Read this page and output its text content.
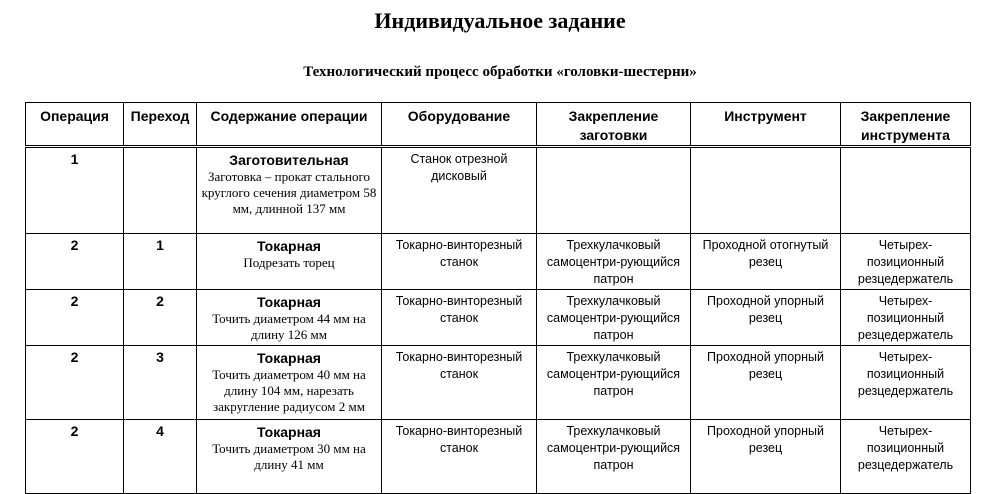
Индивидуальное задание
Технологический процесс обработки «головки-шестерни»
Операция	Переход	Содержание операции	Оборудование	Закрепление заготовки	Инструмент	Закрепление инструмента
1		Заготовительная
Заготовка – прокат стального круглого сечения диаметром 58 мм, длинной 137 мм	Станок отрезной дисковый			
2	1	Токарная
Подрезать торец	Токарно-винторезный станок	Трехкулачковый самоцентри-рующийся патрон	Проходной отогнутый резец	Четырех-позиционный резцедержатель
2	2	Токарная
Точить диаметром 44 мм на длину 126 мм	Токарно-винторезный станок	Трехкулачковый самоцентри-рующийся патрон	Проходной упорный резец	Четырех-позиционный резцедержатель
2	3	Токарная
Точить диаметром 40 мм на длину 104 мм, нарезать закругление радиусом 2 мм	Токарно-винторезный станок	Трехкулачковый самоцентри-рующийся патрон	Проходной упорный резец	Четырех-позиционный резцедержатель
2	4	Токарная
Точить диаметром 30 мм на длину 41 мм	Токарно-винторезный станок	Трехкулачковый самоцентри-рующийся патрон	Проходной упорный резец	Четырех-позиционный резцедержатель
